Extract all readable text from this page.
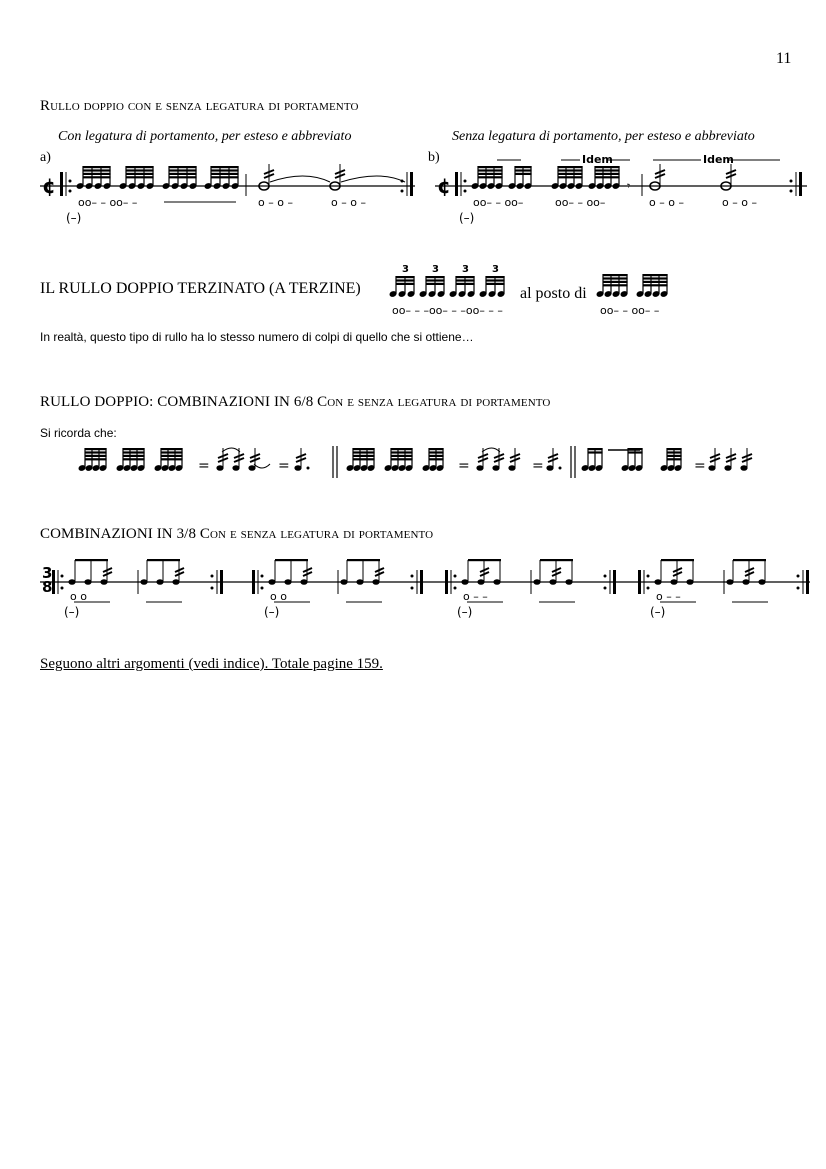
11
Rullo doppio con e senza legatura di portamento
Con legatura di portamento, per esteso e abbreviato	Senza legatura di portamento, per esteso e abbreviato
a)	b)
¢
oo– – oo– –	o – o –	o – o –
(–)
¢
Idem	Idem
𝄾
oo– – oo–	oo– – oo–	o – o –	o – o –
(–)
IL RULLO DOPPIO TERZINATO (A TERZINE)
3 3 3 3
oo– – –oo– – –oo– – –
al posto di
oo– – oo– –
In realtà, questo tipo di rullo ha lo stesso numero di colpi di quello che si ottiene…
RULLO DOPPIO: COMBINAZIONI IN 6/8 Con e senza legatura di portamento
Si ricorda che:
=	=	=	=	=
COMBINAZIONI IN 3/8 Con e senza legatura di portamento
3
8
o o
(–)
o o
(–)
o – –
(–)
o – –
(–)
Seguono altri argomenti (vedi indice). Totale pagine 159.
